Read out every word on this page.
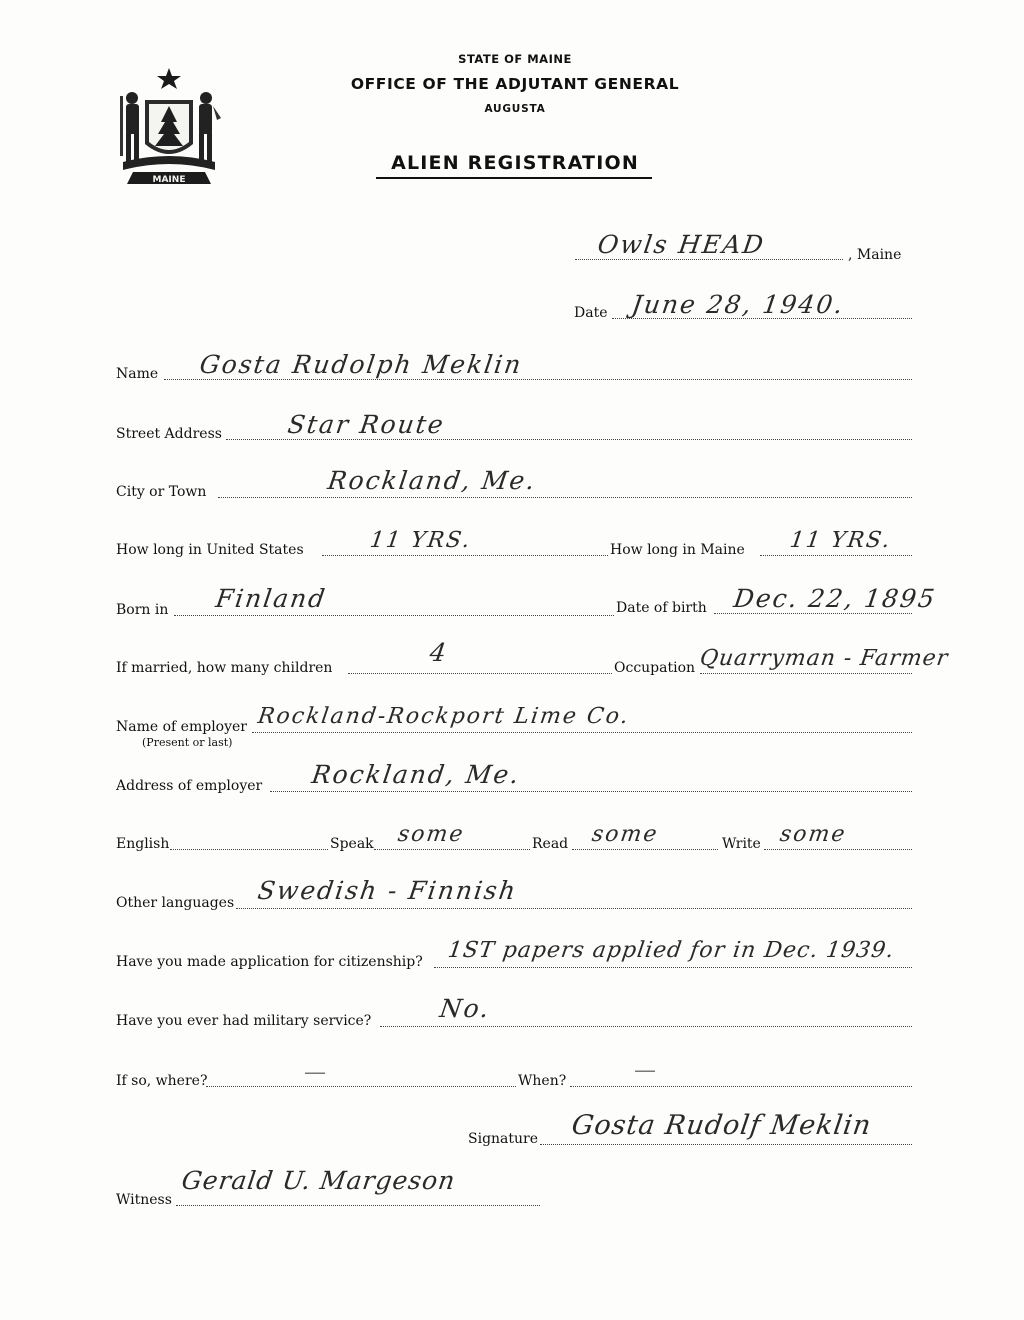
MAINE
STATE OF MAINE
OFFICE OF THE ADJUTANT GENERAL
AUGUSTA
ALIEN REGISTRATION
Owls HEAD	, Maine
Date June 28, 1940.
Name Gosta Rudolph Meklin
Street Address	Star Route
City or Town	Rockland, Me.
How long in United States	11 YRS.	How long in Maine 11 YRS.
Born in Finland	Date of birth Dec. 22, 1895
If married, how many children
4
Occupation Quarryman - Farmer
Name of employer
(Present or last)
Rockland-Rockport Lime Co.
Address of employer Rockland, Me.
English	Speak some	Read some	Write some
Other languages Swedish - Finnish
Have you made application for citizenship? 1ST papers applied for in Dec. 1939.
Have you ever had military service?	No.
If so, where?	—	When?	—
Signature Gosta Rudolf Meklin
Witness
Gerald U. Margeson
